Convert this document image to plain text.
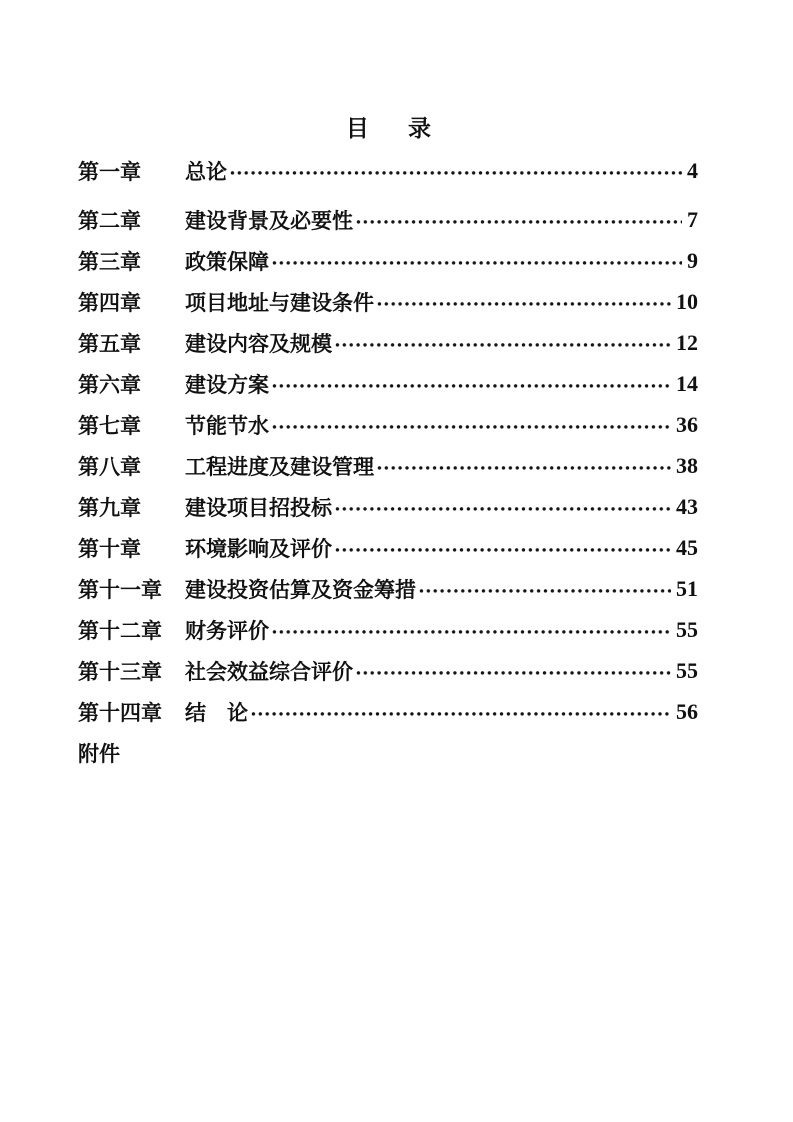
目　录
第一章	总论	4
第二章	建设背景及必要性	7
第三章	政策保障	9
第四章	项目地址与建设条件	10
第五章	建设内容及规模	12
第六章	建设方案	14
第七章	节能节水	36
第八章	工程进度及建设管理	38
第九章	建设项目招投标	43
第十章	环境影响及评价	45
第十一章	建设投资估算及资金筹措	51
第十二章	财务评价	55
第十三章	社会效益综合评价	55
第十四章	结　论	56
附件
